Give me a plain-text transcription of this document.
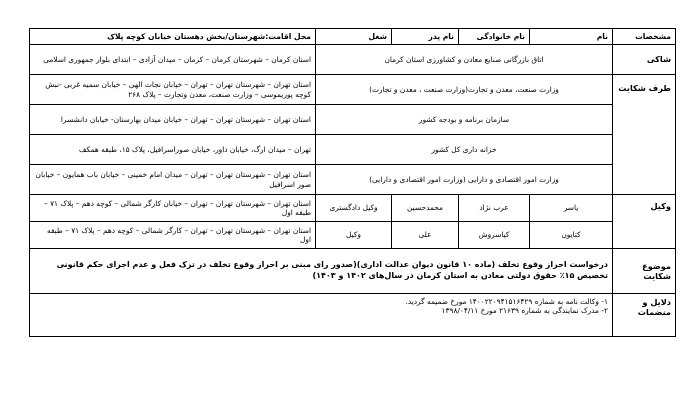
مشخصات	نام	نام خانوادگی	نام پدر	شغل	محل اقامت:شهرستان/بخش دهستان خیابان کوچه پلاک
شاکی	اتاق بازرگانی صنایع معادن و کشاورزی استان کرمان				استان کرمان – شهرستان کرمان – کرمان – میدان آزادی – ابتدای بلوار جمهوری اسلامی
طرف شکایت	وزارت صنعت، معدن و تجارت(وزارت صنعت ، معدن و تجارت)				استان تهران – شهرستان تهران – تهران – خیابان نجات الهی – خیابان سمیه غربی -نبش کوچه پوریموسی – وزارت صنعت، معدن وتجارت – پلاک ۲۶۸
	سازمان برنامه و بودجه کشور				استان تهران – شهرستان تهران – تهران – خیابان میدان بهارستان- خیابان دانشسرا
	خزانه داری کل کشور				تهران – میدان ارگ، خیابان داور، خیابان صوراسرافیل، پلاک ۱۵، طبقه همکف
	وزارت امور اقتصادی و دارایی (وزارت امور اقتصادی و دارایی)				استان تهران – شهرستان تهران – تهران – میدان امام خمینی – خیابان باب همایون – خیابان صور اسرافیل
وکیل	یاسر	عرب نژاد	محمدحسین	وکیل دادگستری	استان تهران – شهرستان تهران – تهران – خیابان کارگر شمالی – کوچه دهم – پلاک ۷۱ – طبقه اول
	کتایون	کیاسروش	علی	وکیل	استان تهران – شهرستان تهران – تهران – کارگر شمالی – کوچه دهم – پلاک ۷۱ – طبقه اول
موضوع شکایت	درخواست احراز وقوع تخلف (ماده ۱۰ قانون دیوان عدالت اداری)(صدور رای مبنی بر احراز وقوع تخلف در ترک فعل و عدم اجرای حکم قانونی تخصیص ۱۵٪ حقوق دولتی معادن به استان کرمان در سال‌های ۱۴۰۲ و ۱۴۰۳)				
دلایل و منضمات	۱- وکالت نامه به شماره ۱۴۰۰۲۲۰۹۴۱۵۱۶۴۲۹ مورخ ضمیمه گردید.
۲- مدرک نمایندگی به شماره ۲۱۶۳۹ مورخ ۱۳۹۸/۰۴/۱۱				
